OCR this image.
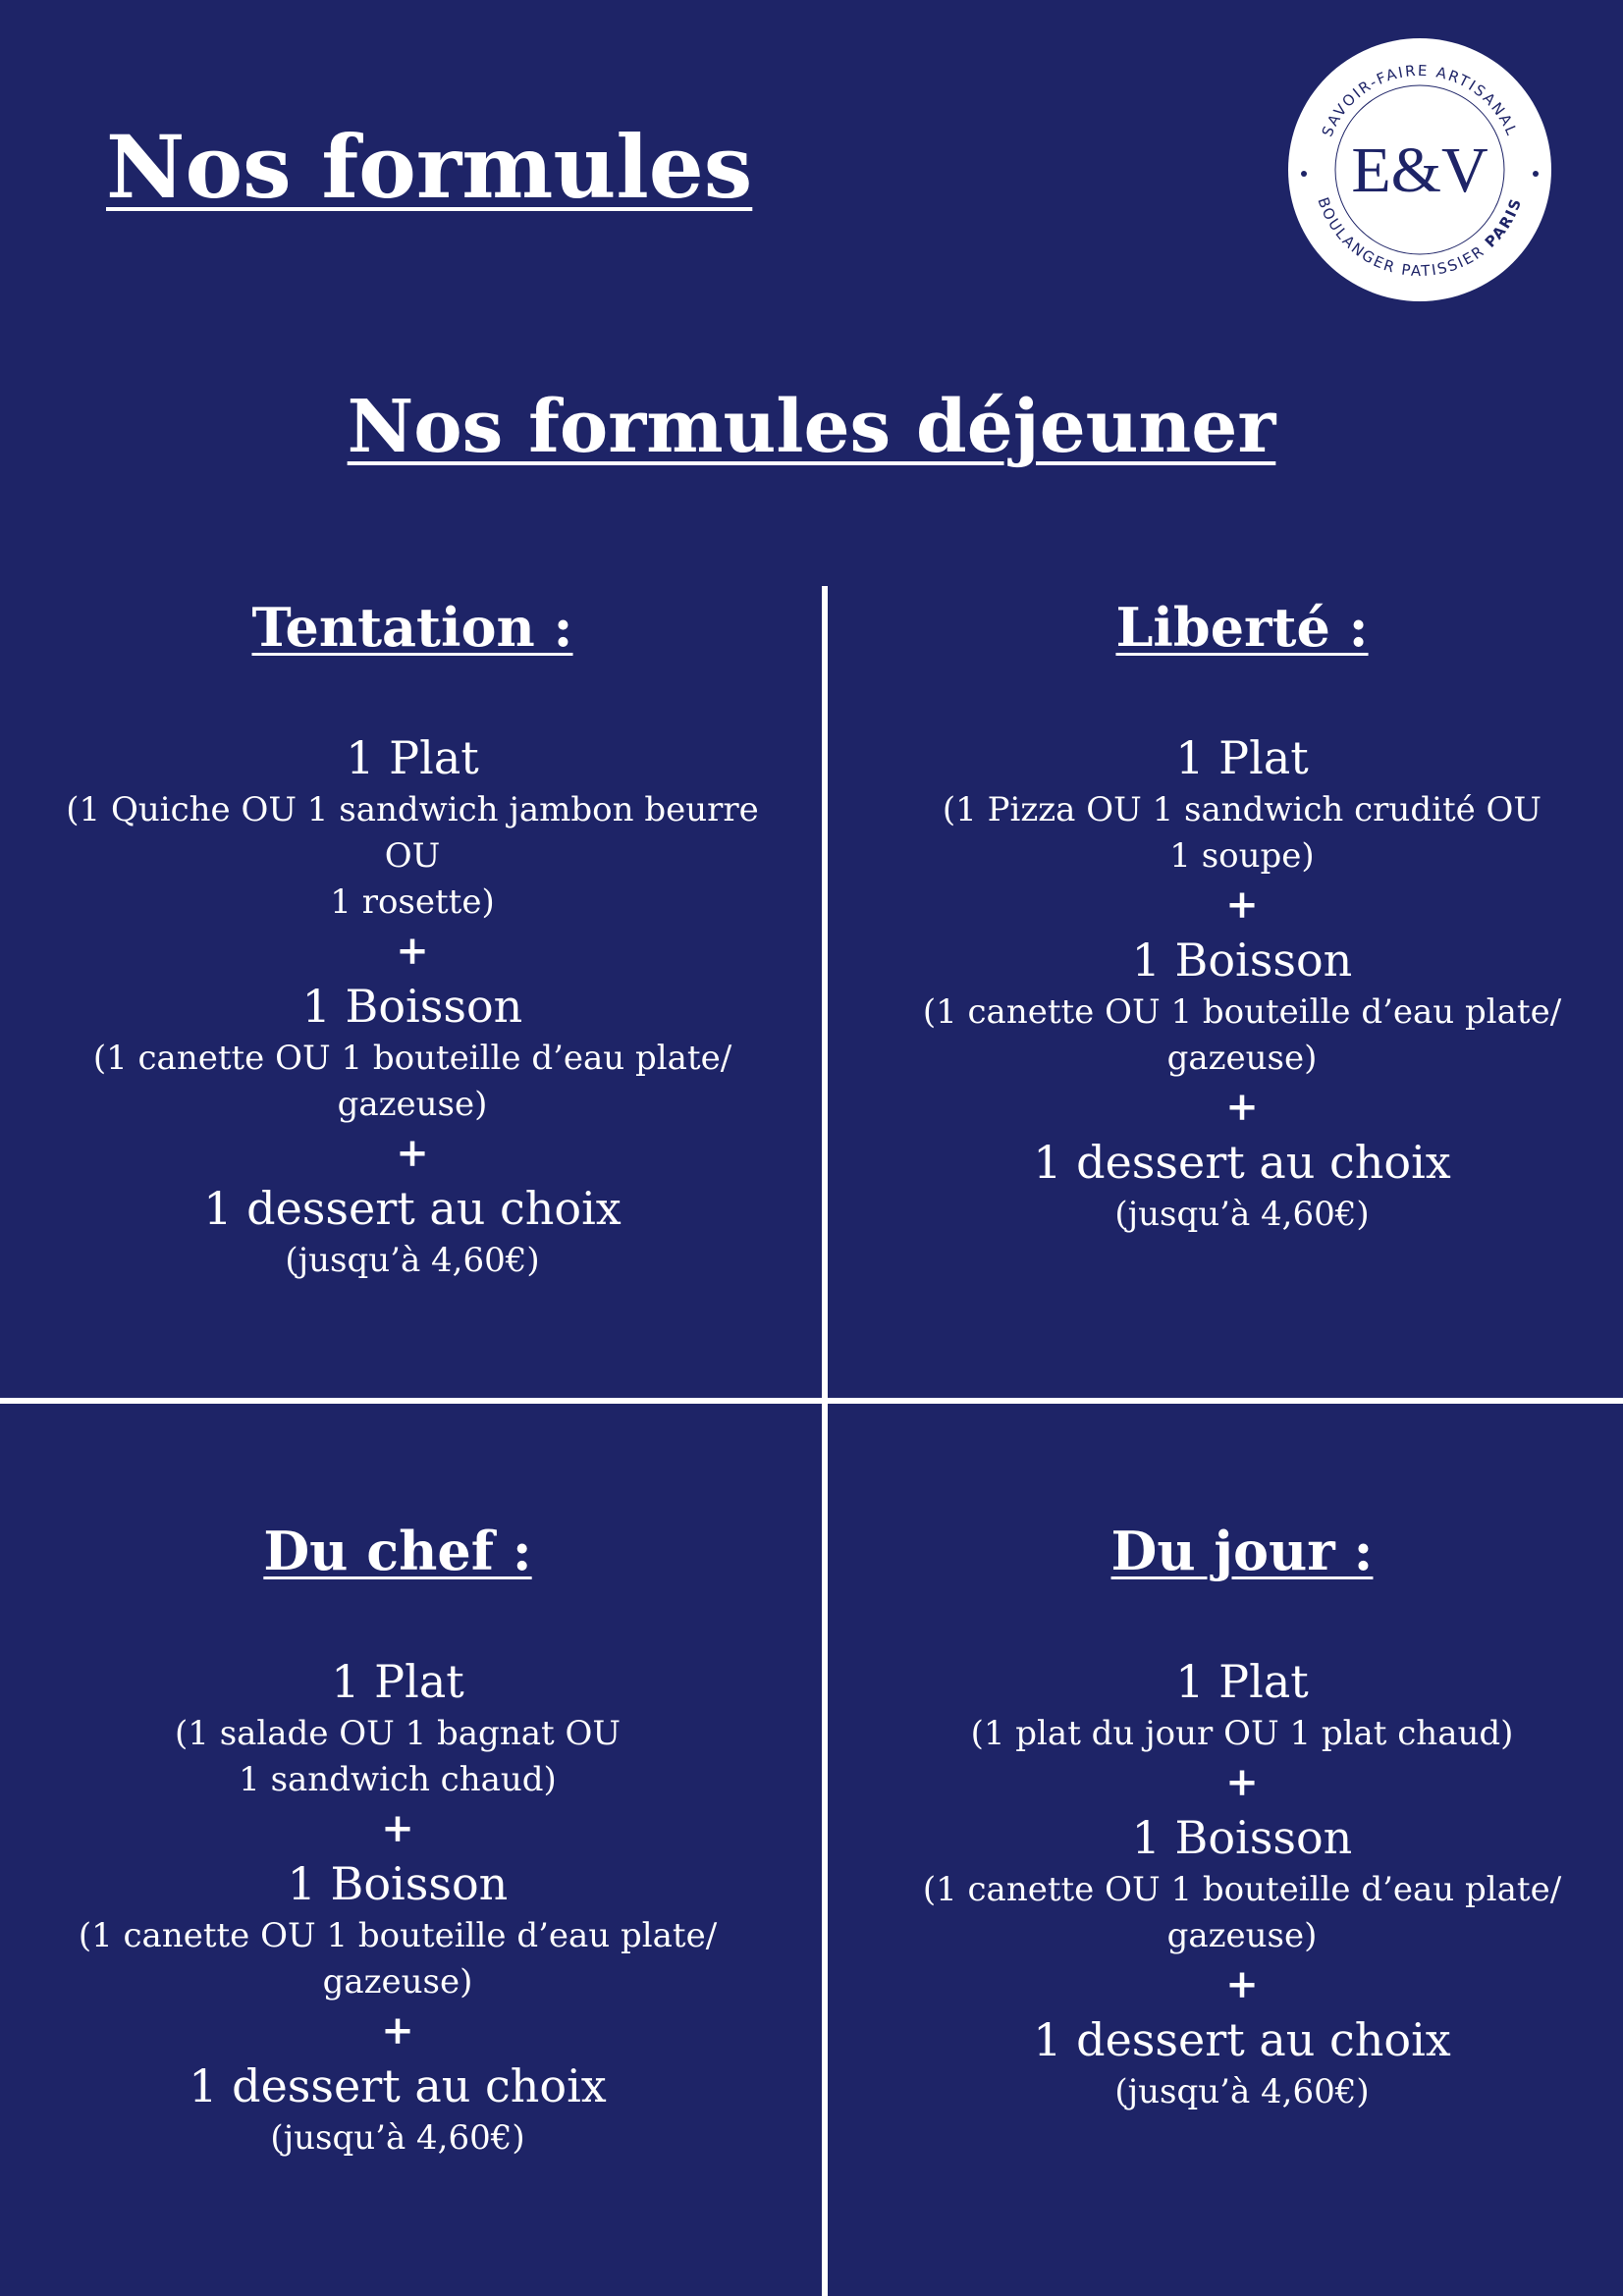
Nos formules	SAVOIR-FAIRE ARTISANAL
BOULANGER PATISSIER PARIS
E&V
Nos formules déjeuner
Tentation :
1 Plat
(1 Quiche OU 1 sandwich jambon beurre
OU
1 rosette)
+
1 Boisson
(1 canette OU 1 bouteille d’eau plate/
gazeuse)
+
1 dessert au choix
(jusqu’à 4,60€)
Liberté :
1 Plat
(1 Pizza OU 1 sandwich crudité OU
1 soupe)
+
1 Boisson
(1 canette OU 1 bouteille d’eau plate/
gazeuse)
+
1 dessert au choix
(jusqu’à 4,60€)
Du chef :
1 Plat
(1 salade OU 1 bagnat OU
1 sandwich chaud)
+
1 Boisson
(1 canette OU 1 bouteille d’eau plate/
gazeuse)
+
1 dessert au choix
(jusqu’à 4,60€)
Du jour :
1 Plat
(1 plat du jour OU 1 plat chaud)
+
1 Boisson
(1 canette OU 1 bouteille d’eau plate/
gazeuse)
+
1 dessert au choix
(jusqu’à 4,60€)
